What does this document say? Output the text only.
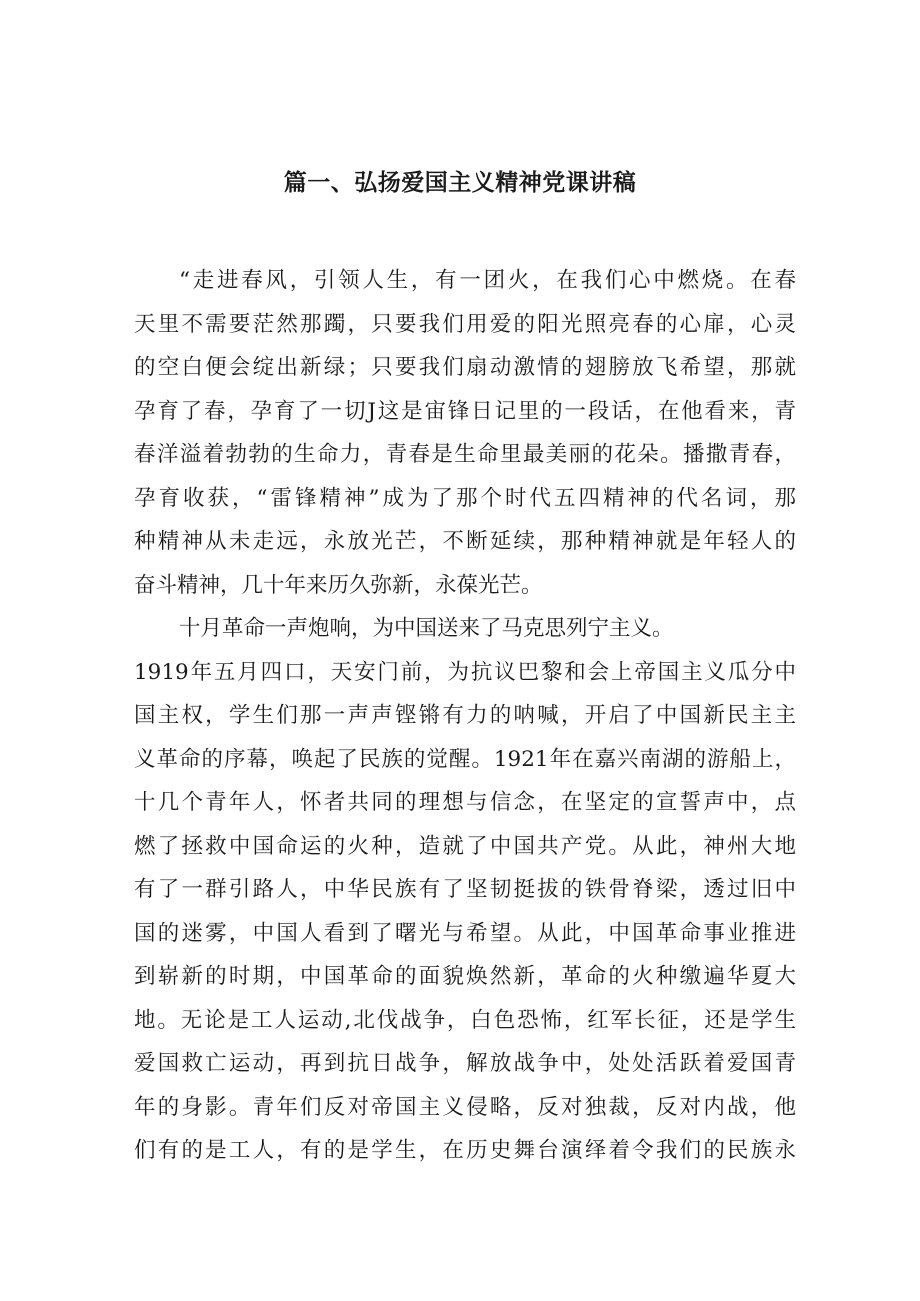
篇一、弘扬爱国主义精神党课讲稿
“走进春风，引领人生，有一团火，在我们心中燃烧。在春
天里不需要茫然那躅，只要我们用爱的阳光照亮春的心扉，心灵
的空白便会绽出新绿；只要我们扇动激情的翅膀放飞希望，那就
孕育了春，孕育了一切J这是宙锋日记里的一段话，在他看来，青
春洋溢着勃勃的生命力，青春是生命里最美丽的花朵。播撒青春，
孕育收获，“雷锋精神”成为了那个时代五四精神的代名词，那
种精神从未走远，永放光芒，不断延续，那种精神就是年轻人的
奋斗精神，几十年来历久弥新，永葆光芒。
十月革命一声炮响，为中国送来了马克思列宁主义。
1919年五月四口，天安门前，为抗议巴黎和会上帝国主义瓜分中
国主权，学生们那一声声铿锵有力的呐喊，开启了中国新民主主
义革命的序幕，唤起了民族的觉醒。1921年在嘉兴南湖的游船上，
十几个青年人，怀者共同的理想与信念，在坚定的宣誓声中，点
燃了拯救中国命运的火种，造就了中国共产党。从此，神州大地
有了一群引路人，中华民族有了坚韧挺拔的铁骨脊梁，透过旧中
国的迷雾，中国人看到了曙光与希望。从此，中国革命事业推进
到崭新的时期，中国革命的面貌焕然新，革命的火种缴遍华夏大
地。无论是工人运动,北伐战争，白色恐怖，红军长征，还是学生
爱国救亡运动，再到抗日战争，解放战争中，处处活跃着爱国青
年的身影。青年们反对帝国主义侵略，反对独裁，反对内战，他
们有的是工人，有的是学生，在历史舞台演绎着令我们的民族永
